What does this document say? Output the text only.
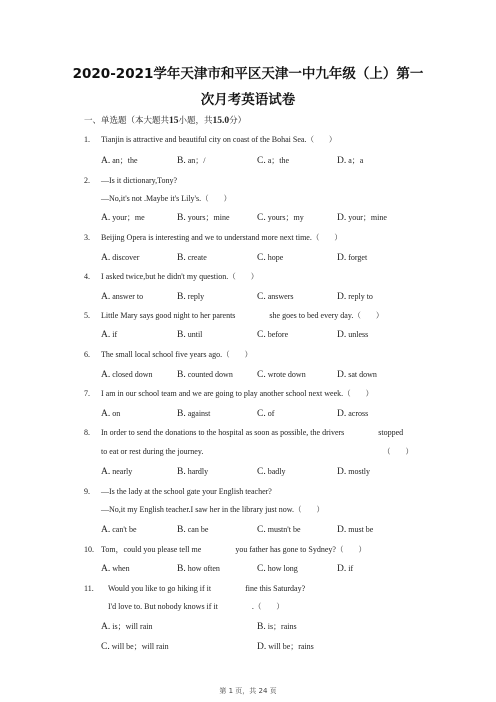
2020-2021学年天津市和平区天津一中九年级（上）第一
次月考英语试卷
一、单选题（本大题共15小题，共15.0分）
1. Tianjin is attractive and beautiful city on coast of the Bohai Sea.（　　）
A. an；the	B. an；/	C. a；the	D. a；a
2. —Is it dictionary,Tony?
—No,it's not .Maybe it's Lily's.（　　）
A. your；me	B. yours；mine	C. yours；my	D. your；mine
3. Beijing Opera is interesting and we to understand more next time.（　　）
A. discover	B. create	C. hope	D. forget
4. I asked twice,but he didn't my question.（　　）
A. answer to	B. reply	C. answers	D. reply to
5. Little Mary says good night to her parents	she goes to bed every day.（　　）
A. if	B. until	C. before	D. unless
6. The small local school five years ago.（　　）
A. closed down	B. counted down	C. wrote down	D. sat down
7. I am in our school team and we are going to play another school next week.（　　）
A. on	B. against	C. of	D. across
8. In order to send the donations to the hospital as soon as possible, the drivers	stopped
to eat or rest during the journey.	（　　）
A. nearly	B. hardly	C. badly	D. mostly
9. —Is the lady at the school gate your English teacher?
—No,it my English teacher.I saw her in the library just now.（　　）
A. can't be	B. can be	C. mustn't be	D. must be
10. Tom，could you please tell me	you father has gone to Sydney?（　　）
A. when	B. how often	C. how long	D. if
11. Would you like to go hiking if it	fine this Saturday?
I'd love to. But nobody knows if it	.（　　）
A. is；will rain	B. is；rains
C. will be；will rain	D. will be；rains
第 1 页，共 24 页
